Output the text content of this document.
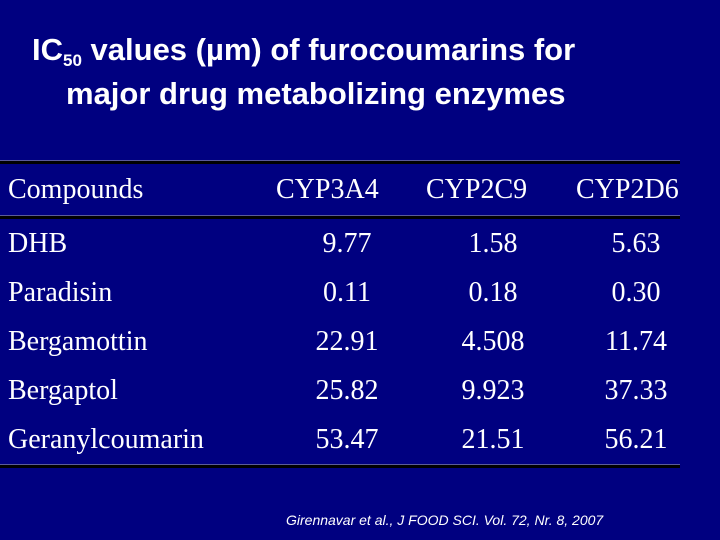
$IC_{50}$ values (µm) of furocoumarins for
major drug metabolizing enzymes
Compounds	CYP3A4 CYP2C9 CYP2D6
DHB	9.77	1.58	5.63
Paradisin	0.11	0.18	0.30
Bergamottin	22.91	4.508	11.74
Bergaptol	25.82	9.923	37.33
Geranylcoumarin	53.47	21.51	56.21
Girennavar et al., J FOOD SCI. Vol. 72, Nr. 8, 2007
